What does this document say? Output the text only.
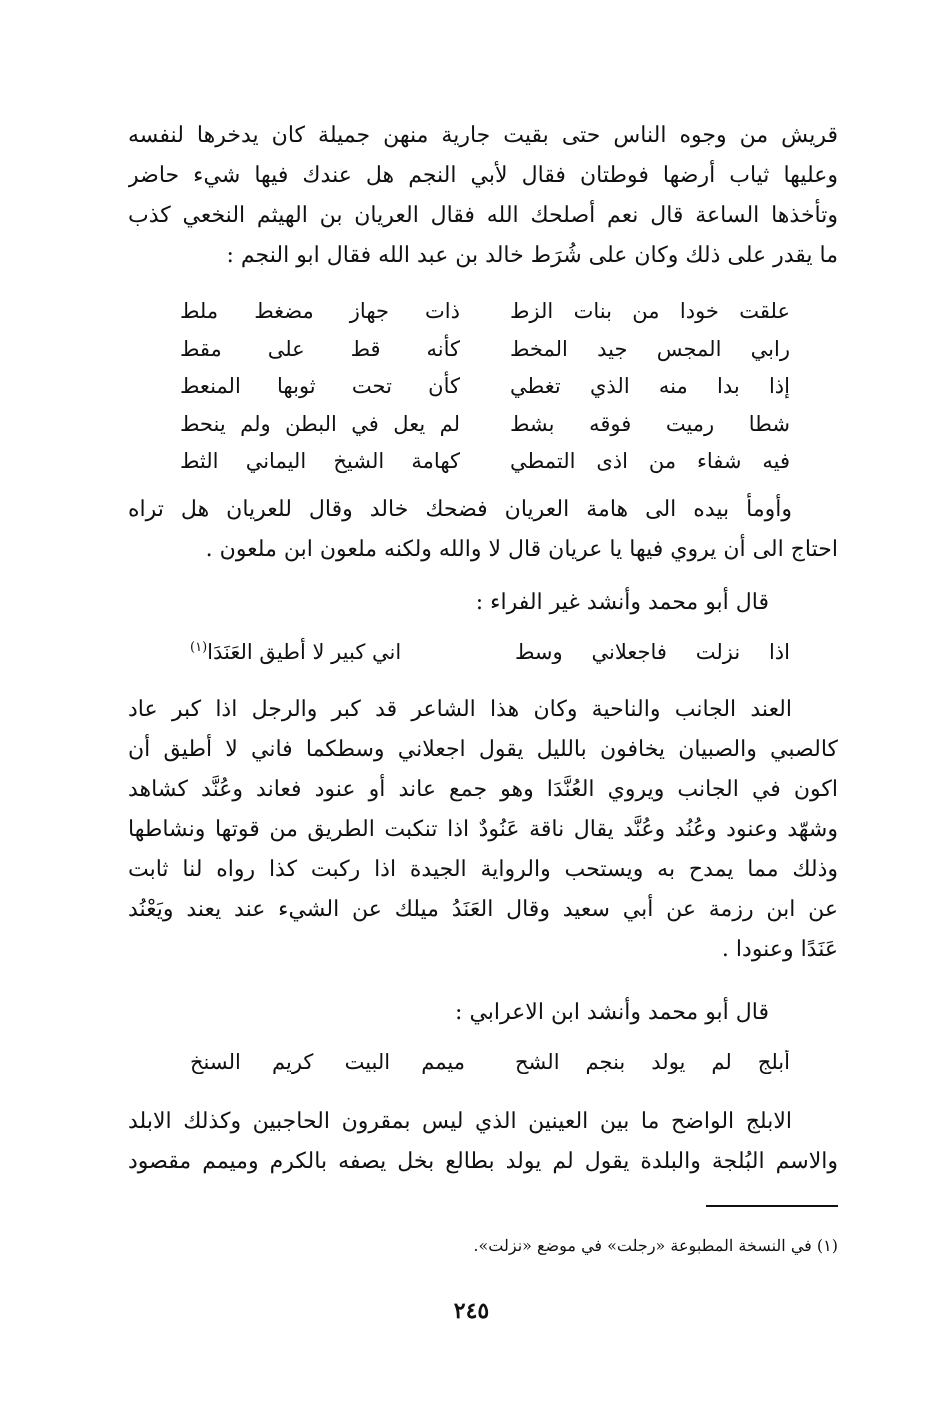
قريش من وجوه الناس حتى بقيت جارية منهن جميلة كان يدخرها لنفسه
وعليها ثياب أرضها فوطتان فقال لأبي النجم هل عندك فيها شيء حاضر
وتأخذها الساعة قال نعم أصلحك الله فقال العريان بن الهيثم النخعي كذب
ما يقدر على ذلك وكان على شُرَط خالد بن عبد الله فقال ابو النجم :
علقت خودا من بنات الزط
ذات جهاز مضغط ملط
رابي المجس جيد المخط
كأنه قط على مقط
إذا بدا منه الذي تغطي
كأن تحت ثوبها المنعط
شطا رميت فوقه بشط
لم يعل في البطن ولم ينحط
فيه شفاء من اذى التمطي
كهامة الشيخ اليماني الثط
وأومأ بيده الى هامة العريان فضحك خالد وقال للعريان هل تراه
احتاج الى أن يروي فيها يا عريان قال لا والله ولكنه ملعون ابن ملعون .
قال أبو محمد وأنشد غير الفراء :
اذا نزلت فاجعلاني وسط
اني كبير لا أطيق العَنَدَا$^{(١)}$
العند الجانب والناحية وكان هذا الشاعر قد كبر والرجل اذا كبر عاد
كالصبي والصبيان يخافون بالليل يقول اجعلاني وسطكما فاني لا أطيق أن
اكون في الجانب ويروي العُنَّدَا وهو جمع عاند أو عنود فعاند وعُنَّد كشاهد
وشهّد وعنود وعُنُد وعُنَّد يقال ناقة عَنُودٌ اذا تنكبت الطريق من قوتها ونشاطها
وذلك مما يمدح به ويستحب والرواية الجيدة اذا ركبت كذا رواه لنا ثابت
عن ابن رزمة عن أبي سعيد وقال العَنَدُ ميلك عن الشيء عند يعند ويَعْنُد
عَنَدًا وعنودا .
قال أبو محمد وأنشد ابن الاعرابي :
أبلج لم يولد بنجم الشح
ميمم البيت كريم السنخ
الابلج الواضح ما بين العينين الذي ليس بمقرون الحاجبين وكذلك الابلد
والاسم البُلجة والبلدة يقول لم يولد بطالع بخل يصفه بالكرم وميمم مقصود
(١) في النسخة المطبوعة «رجلت» في موضع «نزلت».
٢٤٥
